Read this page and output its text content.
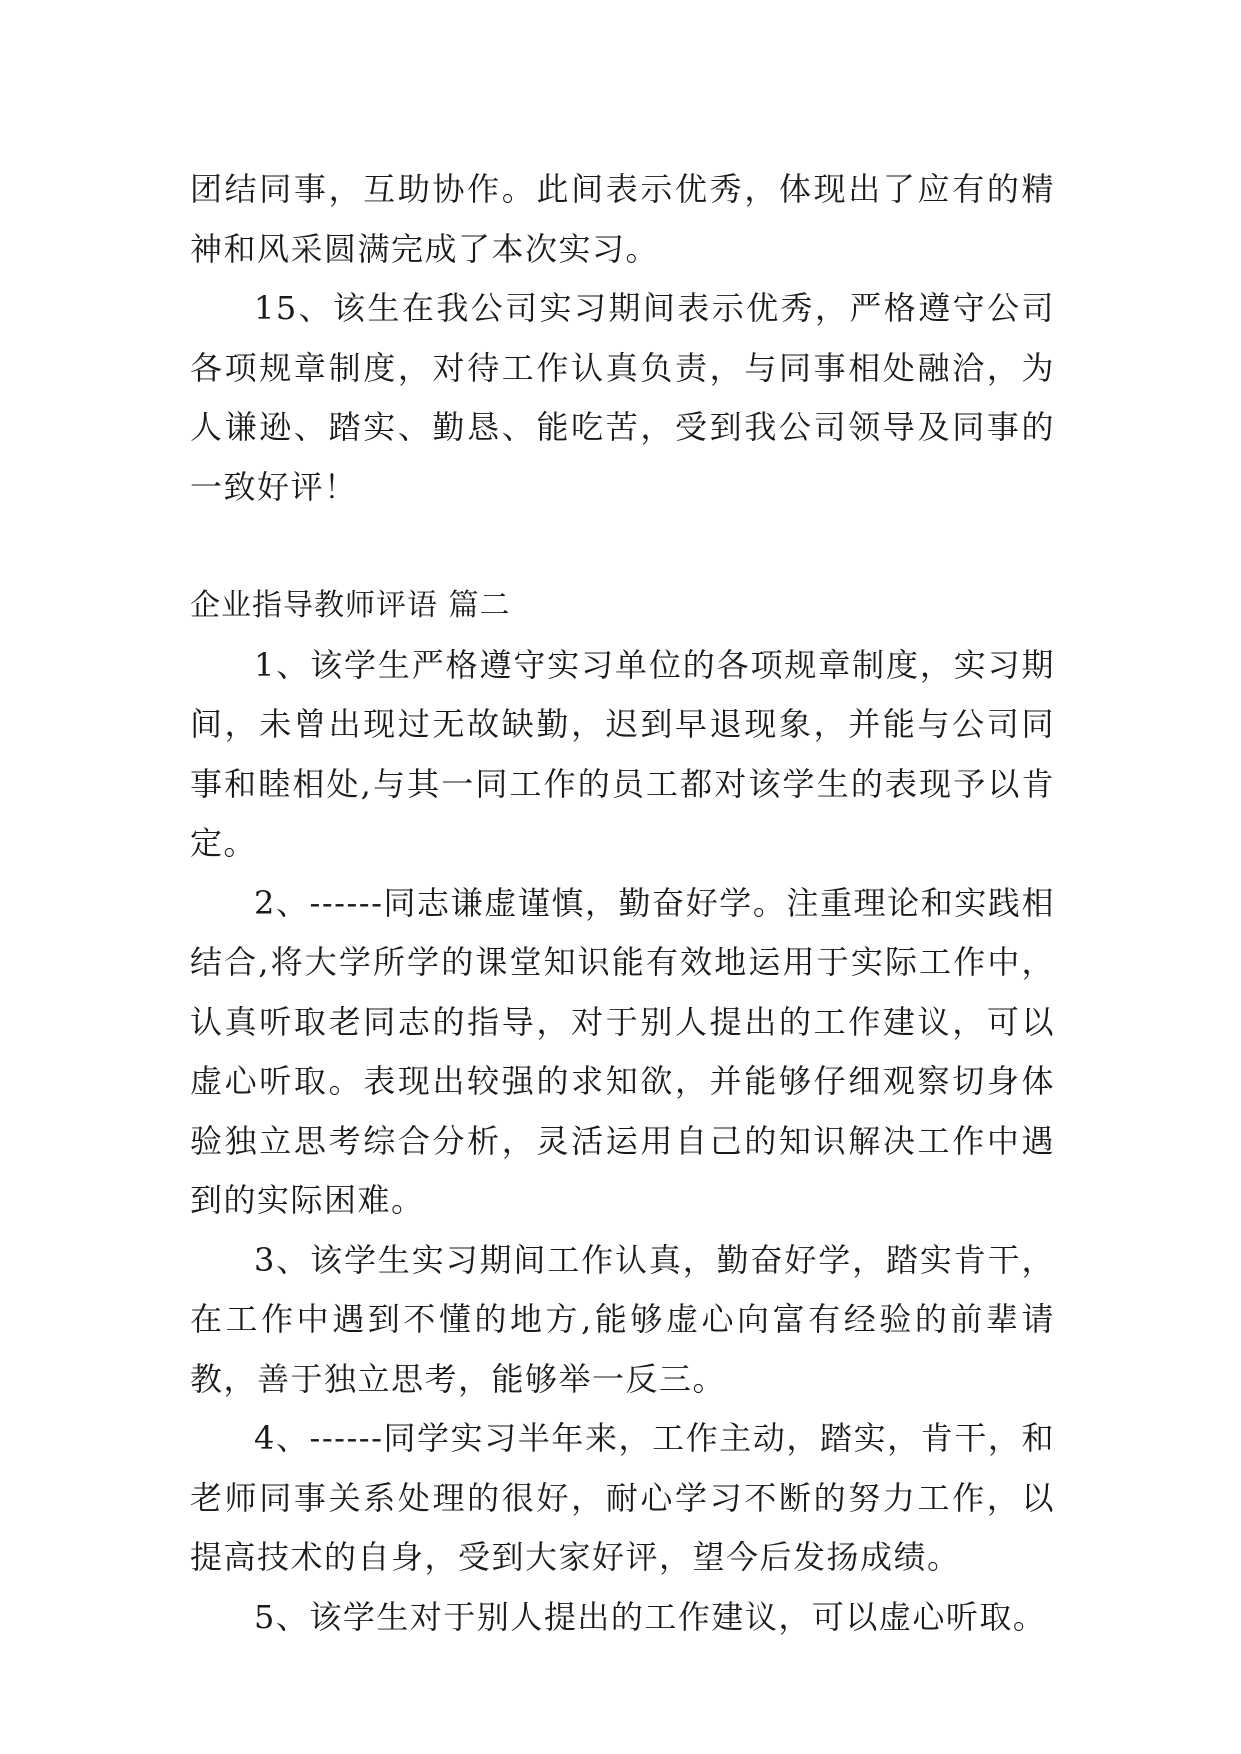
团结同事，互助协作。此间表示优秀，体现出了应有的精神和风采圆满完成了本次实习。

15、该生在我公司实习期间表示优秀，严格遵守公司各项规章制度，对待工作认真负责，与同事相处融洽，为人谦逊、踏实、勤恳、能吃苦，受到我公司领导及同事的一致好评！

企业指导教师评语 篇二

1、该学生严格遵守实习单位的各项规章制度，实习期间，未曾出现过无故缺勤，迟到早退现象，并能与公司同事和睦相处,与其一同工作的员工都对该学生的表现予以肯定。

2、------同志谦虚谨慎，勤奋好学。注重理论和实践相结合,将大学所学的课堂知识能有效地运用于实际工作中，认真听取老同志的指导，对于别人提出的工作建议，可以虚心听取。表现出较强的求知欲，并能够仔细观察切身体验独立思考综合分析，灵活运用自己的知识解决工作中遇到的实际困难。

3、该学生实习期间工作认真，勤奋好学，踏实肯干，在工作中遇到不懂的地方,能够虚心向富有经验的前辈请教，善于独立思考，能够举一反三。

4、------同学实习半年来，工作主动，踏实，肯干，和老师同事关系处理的很好，耐心学习不断的努力工作，以提高技术的自身，受到大家好评，望今后发扬成绩。

5、该学生对于别人提出的工作建议，可以虚心听取。
